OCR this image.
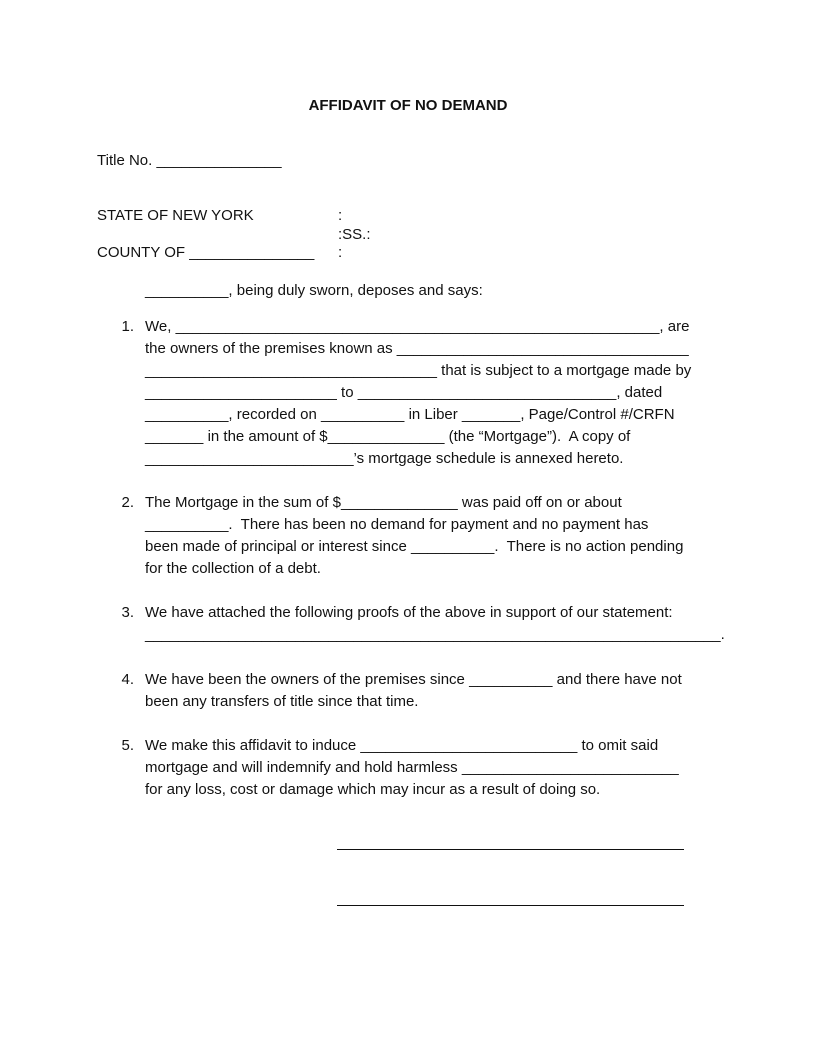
AFFIDAVIT OF NO DEMAND
Title No. _______________
STATE OF NEW YORK	:
:SS.:
COUNTY OF _______________ :
__________, being duly sworn, deposes and says:
1. We, __________________________________________________________, are
the owners of the premises known as ___________________________________
___________________________________ that is subject to a mortgage made by
_______________________ to _______________________________, dated
__________, recorded on __________ in Liber _______, Page/Control #/CRFN
_______ in the amount of $______________ (the “Mortgage”).  A copy of
_________________________’s mortgage schedule is annexed hereto.
2. The Mortgage in the sum of $______________ was paid off on or about
__________.  There has been no demand for payment and no payment has
been made of principal or interest since __________.  There is no action pending
for the collection of a debt.
3. We have attached the following proofs of the above in support of our statement:
_____________________________________________________________________.
4. We have been the owners of the premises since __________ and there have not
been any transfers of title since that time.
5. We make this affidavit to induce __________________________ to omit said
mortgage and will indemnify and hold harmless __________________________
for any loss, cost or damage which may incur as a result of doing so.
